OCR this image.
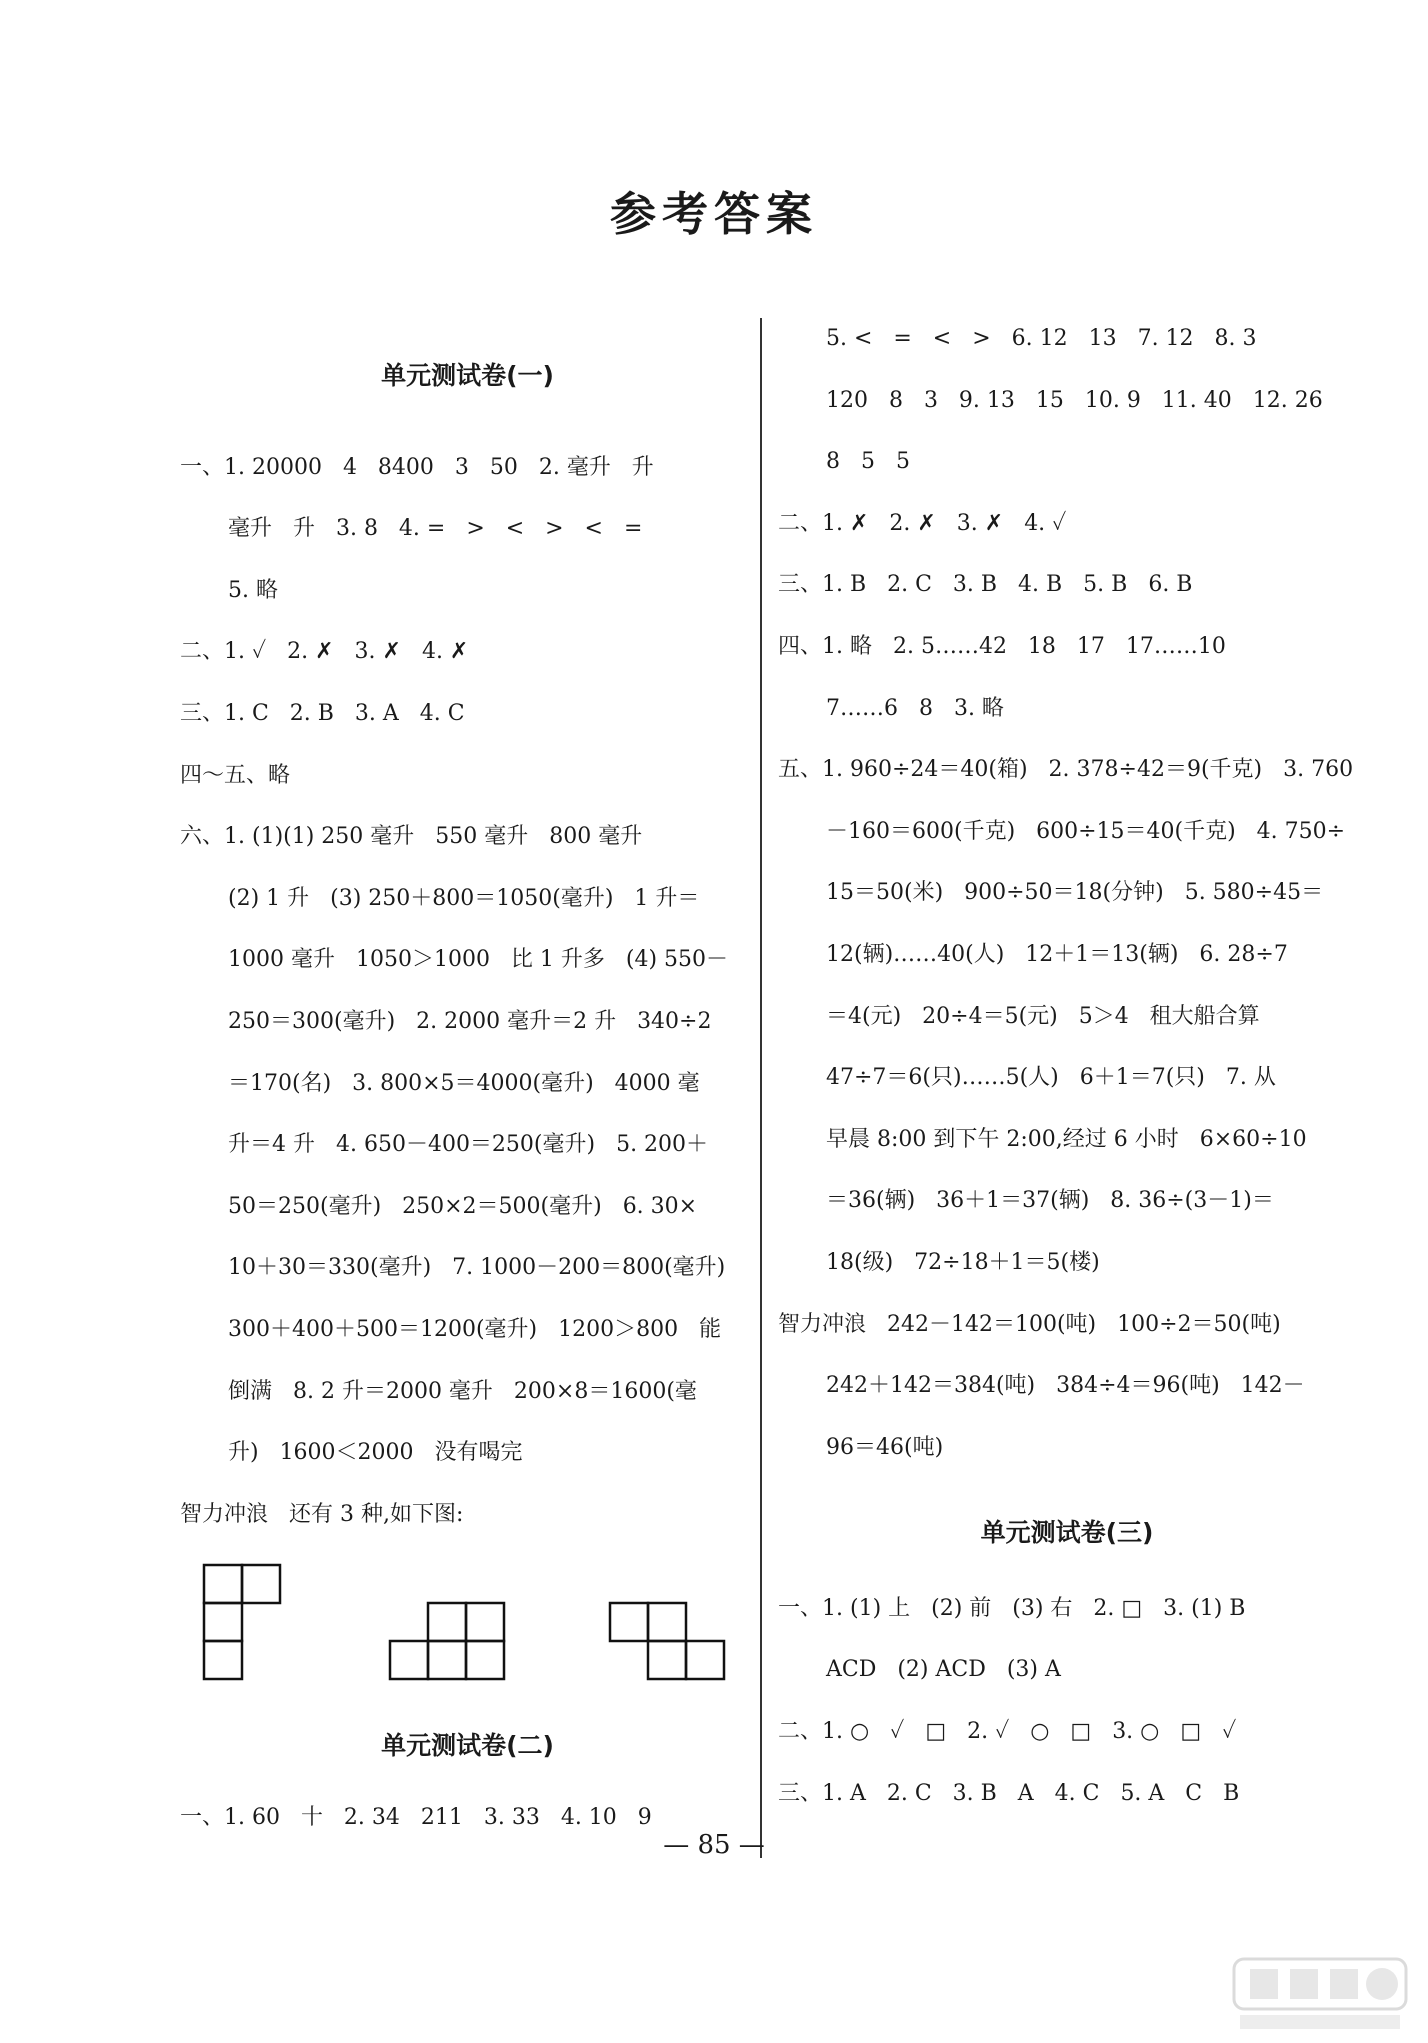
参考答案
单元测试卷(一)
一、1. 20000   4   8400   3   50   2. 毫升   升
毫升   升   3. 8   4. =   >   <   >   <   =
5. 略
二、1. ✓   2. ✗   3. ✗   4. ✗
三、1. C   2. B   3. A   4. C
四～五、略
六、1. (1)(1) 250 毫升   550 毫升   800 毫升
(2) 1 升   (3) 250＋800＝1050(毫升)   1 升＝
1000 毫升   1050＞1000   比 1 升多   (4) 550－
250＝300(毫升)   2. 2000 毫升＝2 升   340÷2
＝170(名)   3. 800×5＝4000(毫升)   4000 毫
升＝4 升   4. 650－400＝250(毫升)   5. 200＋
50＝250(毫升)   250×2＝500(毫升)   6. 30×
10＋30＝330(毫升)   7. 1000－200＝800(毫升)
300＋400＋500＝1200(毫升)   1200＞800   能
倒满   8. 2 升＝2000 毫升   200×8＝1600(毫
升)   1600＜2000   没有喝完
智力冲浪   还有 3 种,如下图:
单元测试卷(二)
一、1. 60   十   2. 34   211   3. 33   4. 10   9
5. <   =   <   >   6. 12   13   7. 12   8. 3
120   8   3   9. 13   15   10. 9   11. 40   12. 26
8   5   5
二、1. ✗   2. ✗   3. ✗   4. ✓
三、1. B   2. C   3. B   4. B   5. B   6. B
四、1. 略   2. 5……42   18   17   17……10
7……6   8   3. 略
五、1. 960÷24＝40(箱)   2. 378÷42＝9(千克)   3. 760
－160＝600(千克)   600÷15＝40(千克)   4. 750÷
15＝50(米)   900÷50＝18(分钟)   5. 580÷45＝
12(辆)……40(人)   12＋1＝13(辆)   6. 28÷7
＝4(元)   20÷4＝5(元)   5＞4   租大船合算
47÷7＝6(只)……5(人)   6＋1＝7(只)   7. 从
早晨 8:00 到下午 2:00,经过 6 小时   6×60÷10
＝36(辆)   36＋1＝37(辆)   8. 36÷(3－1)＝
18(级)   72÷18＋1＝5(楼)
智力冲浪   242－142＝100(吨)   100÷2＝50(吨)
242＋142＝384(吨)   384÷4＝96(吨)   142－
96＝46(吨)
单元测试卷(三)
一、1. (1) 上   (2) 前   (3) 右   2. □   3. (1) B
ACD   (2) ACD   (3) A
二、1. ○   ✓   □   2. ✓   ○   □   3. ○   □   ✓
三、1. A   2. C   3. B   A   4. C   5. A   C   B
— 85 —
